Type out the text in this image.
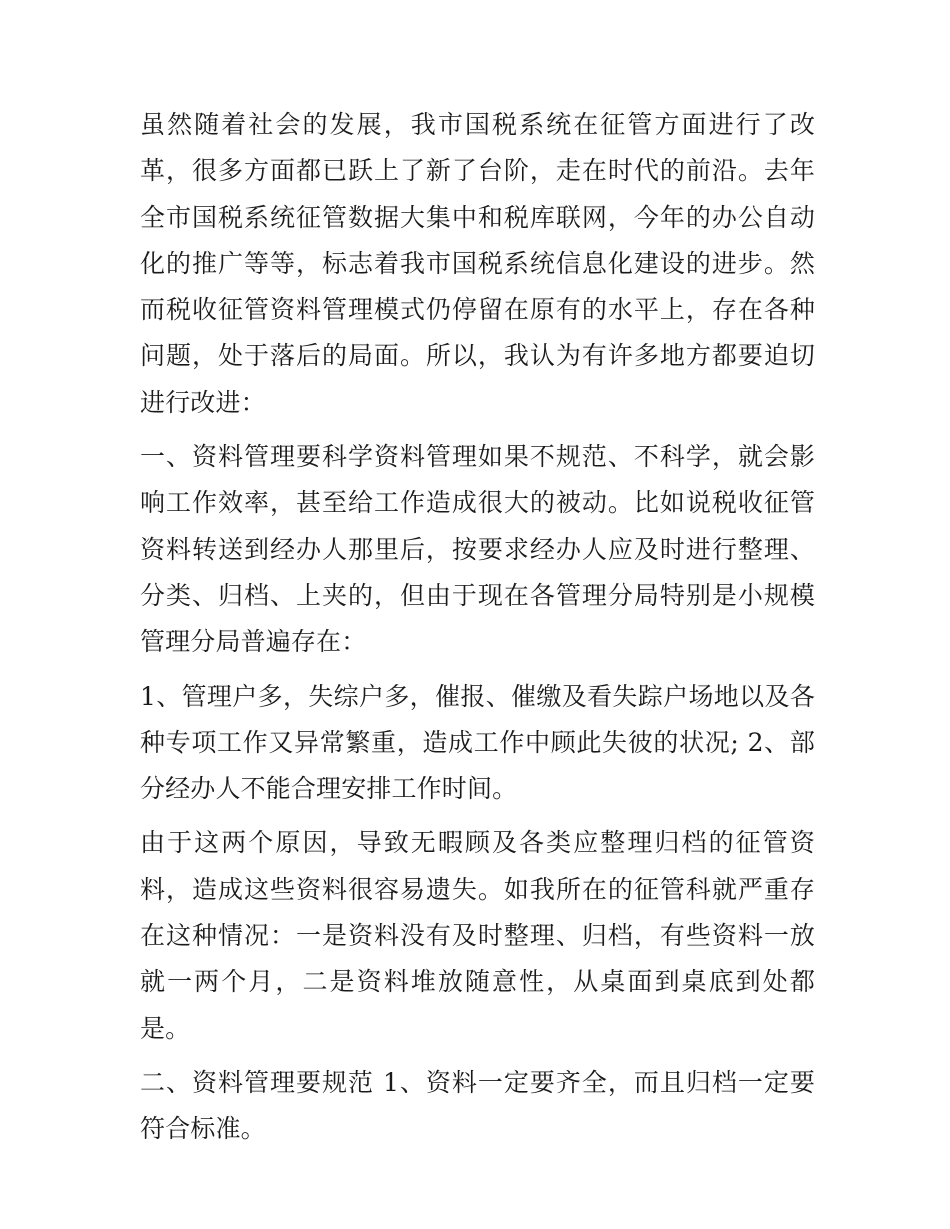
虽然随着社会的发展，我市国税系统在征管方面进行了改革，很多方面都已跃上了新了台阶，走在时代的前沿。去年全市国税系统征管数据大集中和税库联网，今年的办公自动化的推广等等，标志着我市国税系统信息化建设的进步。然而税收征管资料管理模式仍停留在原有的水平上，存在各种问题，处于落后的局面。所以，我认为有许多地方都要迫切进行改进：

一、资料管理要科学资料管理如果不规范、不科学，就会影响工作效率，甚至给工作造成很大的被动。比如说税收征管资料转送到经办人那里后，按要求经办人应及时进行整理、分类、归档、上夹的，但由于现在各管理分局特别是小规模管理分局普遍存在：

1、管理户多，失综户多，催报、催缴及看失踪户场地以及各种专项工作又异常繁重，造成工作中顾此失彼的状况; 2、部分经办人不能合理安排工作时间。

由于这两个原因，导致无暇顾及各类应整理归档的征管资料，造成这些资料很容易遗失。如我所在的征管科就严重存在这种情况：一是资料没有及时整理、归档，有些资料一放就一两个月，二是资料堆放随意性，从桌面到桌底到处都是。

二、资料管理要规范 1、资料一定要齐全，而且归档一定要符合标准。
